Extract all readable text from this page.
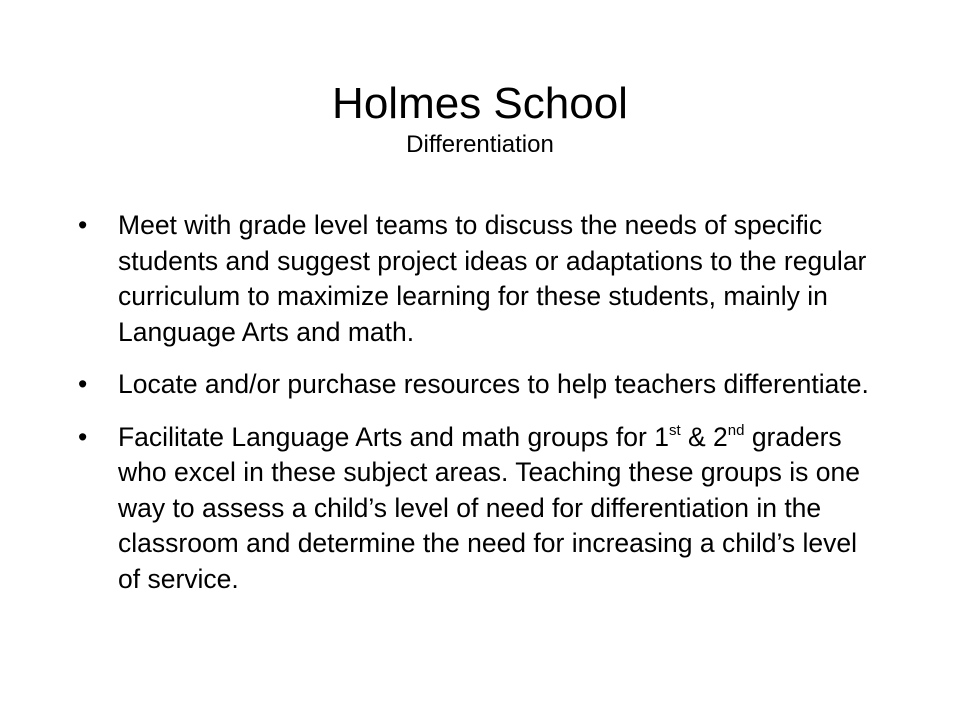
Holmes School

Differentiation

• Meet with grade level teams to discuss the needs of specific students and suggest project ideas or adaptations to the regular curriculum to maximize learning for these students, mainly in Language Arts and math.
• Locate and/or purchase resources to help teachers differentiate.
• Facilitate Language Arts and math groups for 1st & 2nd graders who excel in these subject areas. Teaching these groups is one way to assess a child’s level of need for differentiation in the classroom and determine the need for increasing a child’s level of service.
